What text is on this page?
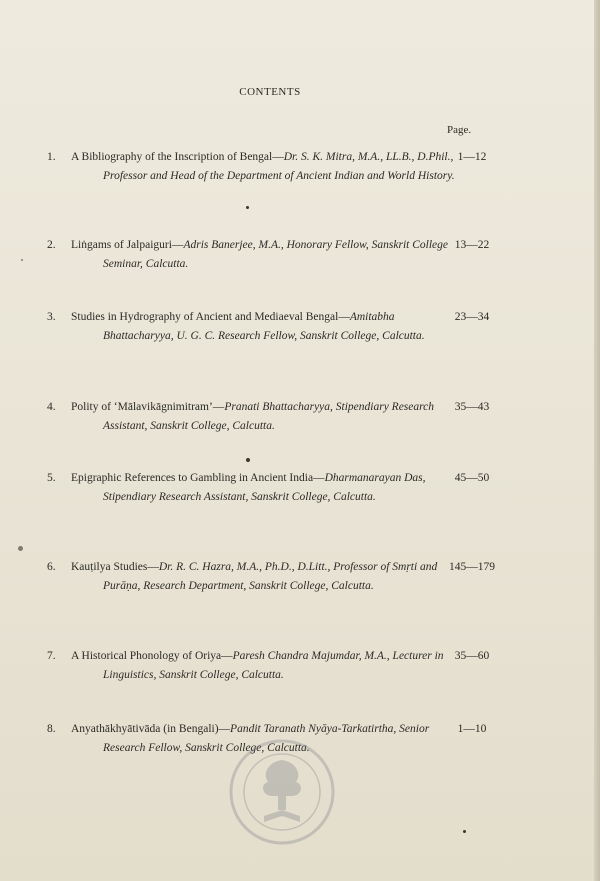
CONTENTS
Page.
1.	A Bibliography of the Inscription of Bengal—Dr. S. K. Mitra, M.A., LL.B., D.Phil., Professor and Head of the Department of Ancient Indian and World History.
1—12
2.	Liṅgams of Jalpaiguri—Adris Banerjee, M.A., Honorary Fellow, Sanskrit College Seminar, Calcutta.
13—22
3.	Studies in Hydrography of Ancient and Mediaeval Bengal—Amitabha Bhattacharyya, U. G. C. Research Fellow, Sanskrit College, Calcutta.
23—34
4.	Polity of ‘Mālavikāgnimitram’—Pranati Bhattacharyya, Stipendiary Research Assistant, Sanskrit College, Calcutta.
35—43
5.	Epigraphic References to Gambling in Ancient India—Dharmanarayan Das, Stipendiary Research Assistant, Sanskrit College, Calcutta.
45—50
6.	Kauṭilya Studies—Dr. R. C. Hazra, M.A., Ph.D., D.Litt., Professor of Smṛti and Purāṇa, Research Department, Sanskrit College, Calcutta.
145—179
7.	A Historical Phonology of Oriya—Paresh Chandra Majumdar, M.A., Lecturer in Linguistics, Sanskrit College, Calcutta.
35—60
8.	Anyathākhyātivāda (in Bengali)—Pandit Taranath Nyāya-Tarkatirtha, Senior Research Fellow, Sanskrit College, Calcutta.
1—10
